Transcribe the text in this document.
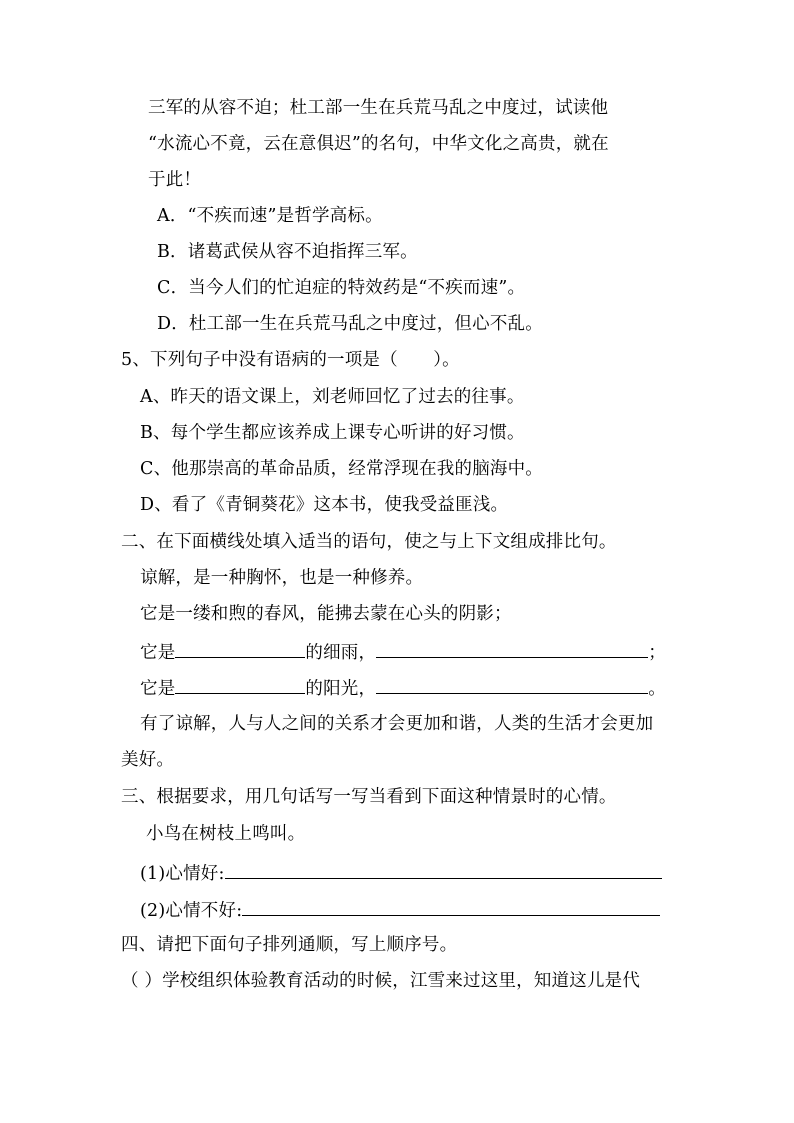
三军的从容不迫；杜工部一生在兵荒马乱之中度过，试读他
“水流心不竟，云在意俱迟”的名句，中华文化之高贵，就在
于此！
A．“不疾而速”是哲学高标。
B．诸葛武侯从容不迫指挥三军。
C．当今人们的忙迫症的特效药是“不疾而速”。
D．杜工部一生在兵荒马乱之中度过，但心不乱。
5、下列句子中没有语病的一项是（　　）。
A、昨天的语文课上，刘老师回忆了过去的往事。
B、每个学生都应该养成上课专心听讲的好习惯。
C、他那崇高的革命品质，经常浮现在我的脑海中。
D、看了《青铜葵花》这本书，使我受益匪浅。
二、在下面横线处填入适当的语句，使之与上下文组成排比句。
谅解，是一种胸怀，也是一种修养。
它是一缕和煦的春风，能拂去蒙在心头的阴影；
它是	的细雨，	；
它是	的阳光，	。
有了谅解，人与人之间的关系才会更加和谐，人类的生活才会更加
美好。
三、根据要求，用几句话写一写当看到下面这种情景时的心情。
小鸟在树枝上鸣叫。
(1)心情好:
(2)心情不好:
四、请把下面句子排列通顺，写上顺序号。
（ ）学校组织体验教育活动的时候，江雪来过这里，知道这儿是代
